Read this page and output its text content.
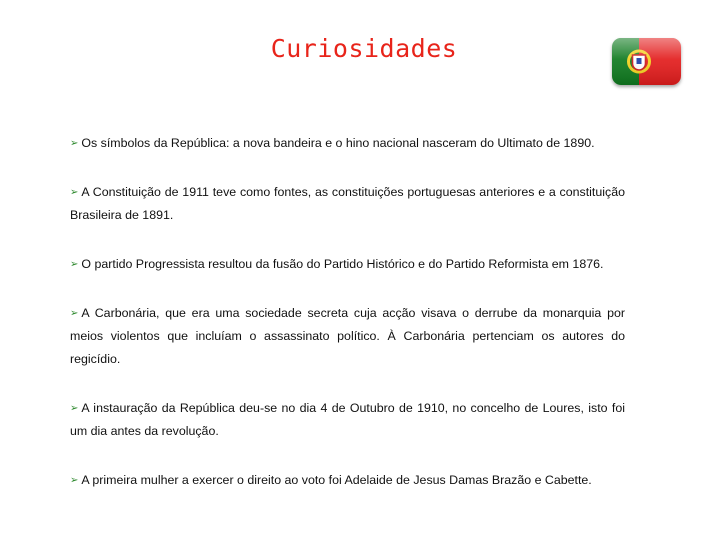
Curiosidades
➢ Os símbolos da República: a nova bandeira e o hino nacional nasceram do Ultimato de 1890.
➢ A Constituição de 1911 teve como fontes, as constituições portuguesas anteriores e a constituição Brasileira de 1891.
➢ O partido Progressista resultou da fusão do Partido Histórico e do Partido Reformista em 1876.
➢ A Carbonária, que era uma sociedade secreta cuja acção visava o derrube da monarquia por meios violentos que incluíam o assassinato político. À Carbonária pertenciam os autores do regicídio.
➢ A instauração da República deu-se no dia 4 de Outubro de 1910, no concelho de Loures, isto foi um dia antes da revolução.
➢ A primeira mulher a exercer o direito ao voto foi Adelaide de Jesus Damas Brazão e Cabette.
